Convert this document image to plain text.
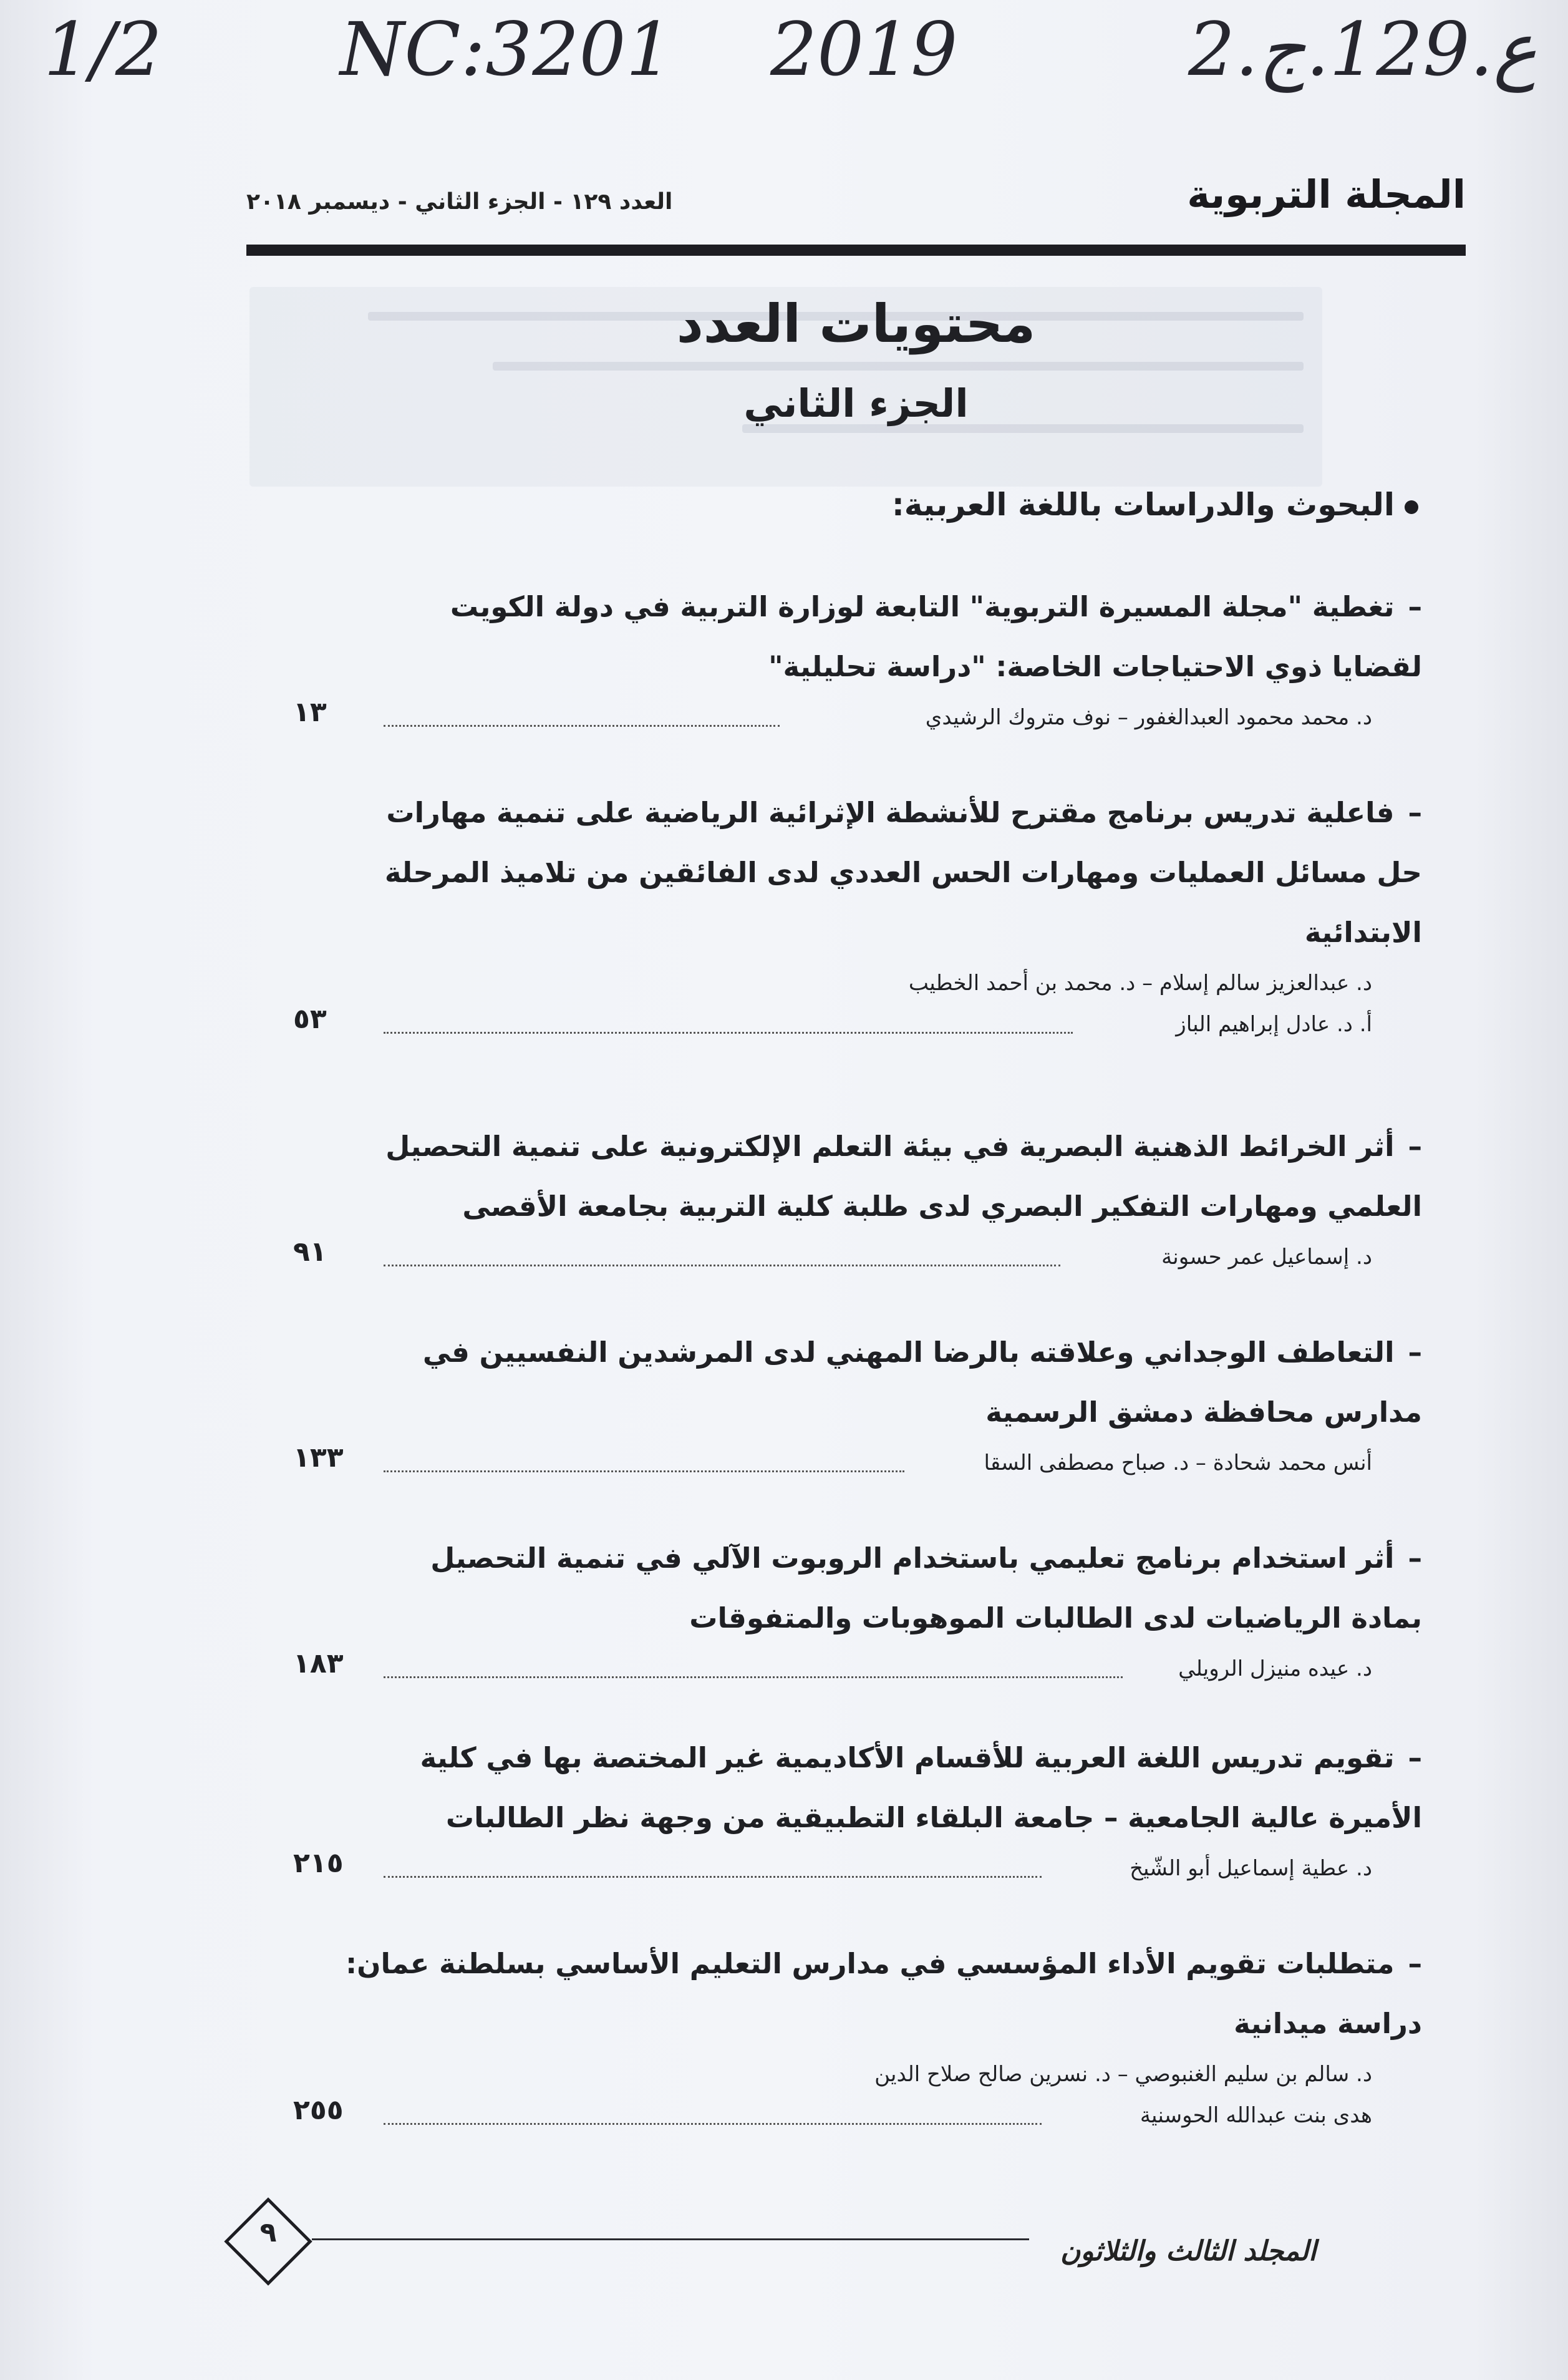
1/2 NC:3201 2019	ع.129.ج.2
المجلة التربوية
العدد ١٢٩ - الجزء الثاني - ديسمبر ٢٠١٨
محتويات العدد
الجزء الثاني
البحوث والدراسات باللغة العربية:
–تغطية "مجلة المسيرة التربوية" التابعة لوزارة التربية في دولة الكويت
لقضايا ذوي الاحتياجات الخاصة: "دراسة تحليلية"
د. محمد محمود العبدالغفور – نوف متروك الرشيدي
١٣
–فاعلية تدريس برنامج مقترح للأنشطة الإثرائية الرياضية على تنمية مهارات
حل مسائل العمليات ومهارات الحس العددي لدى الفائقين من تلاميذ المرحلة
الابتدائية
د. عبدالعزيز سالم إسلام – د. محمد بن أحمد الخطيب
أ. د. عادل إبراهيم الباز
٥٣
–أثر الخرائط الذهنية البصرية في بيئة التعلم الإلكترونية على تنمية التحصيل
العلمي ومهارات التفكير البصري لدى طلبة كلية التربية بجامعة الأقصى
د. إسماعيل عمر حسونة
٩١
–التعاطف الوجداني وعلاقته بالرضا المهني لدى المرشدين النفسيين في
مدارس محافظة دمشق الرسمية
أنس محمد شحادة – د. صباح مصطفى السقا
١٣٣
–أثر استخدام برنامج تعليمي باستخدام الروبوت الآلي في تنمية التحصيل
بمادة الرياضيات لدى الطالبات الموهوبات والمتفوقات
د. عيده منيزل الرويلي
١٨٣
–تقويم تدريس اللغة العربية للأقسام الأكاديمية غير المختصة بها في كلية
الأميرة عالية الجامعية – جامعة البلقاء التطبيقية من وجهة نظر الطالبات
د. عطية إسماعيل أبو الشّيخ
٢١٥
–متطلبات تقويم الأداء المؤسسي في مدارس التعليم الأساسي بسلطنة عمان:
دراسة ميدانية
د. سالم بن سليم الغنبوصي – د. نسرين صالح صلاح الدين
هدى بنت عبدالله الحوسنية
٢٥٥
٩
المجلد الثالث والثلاثون
